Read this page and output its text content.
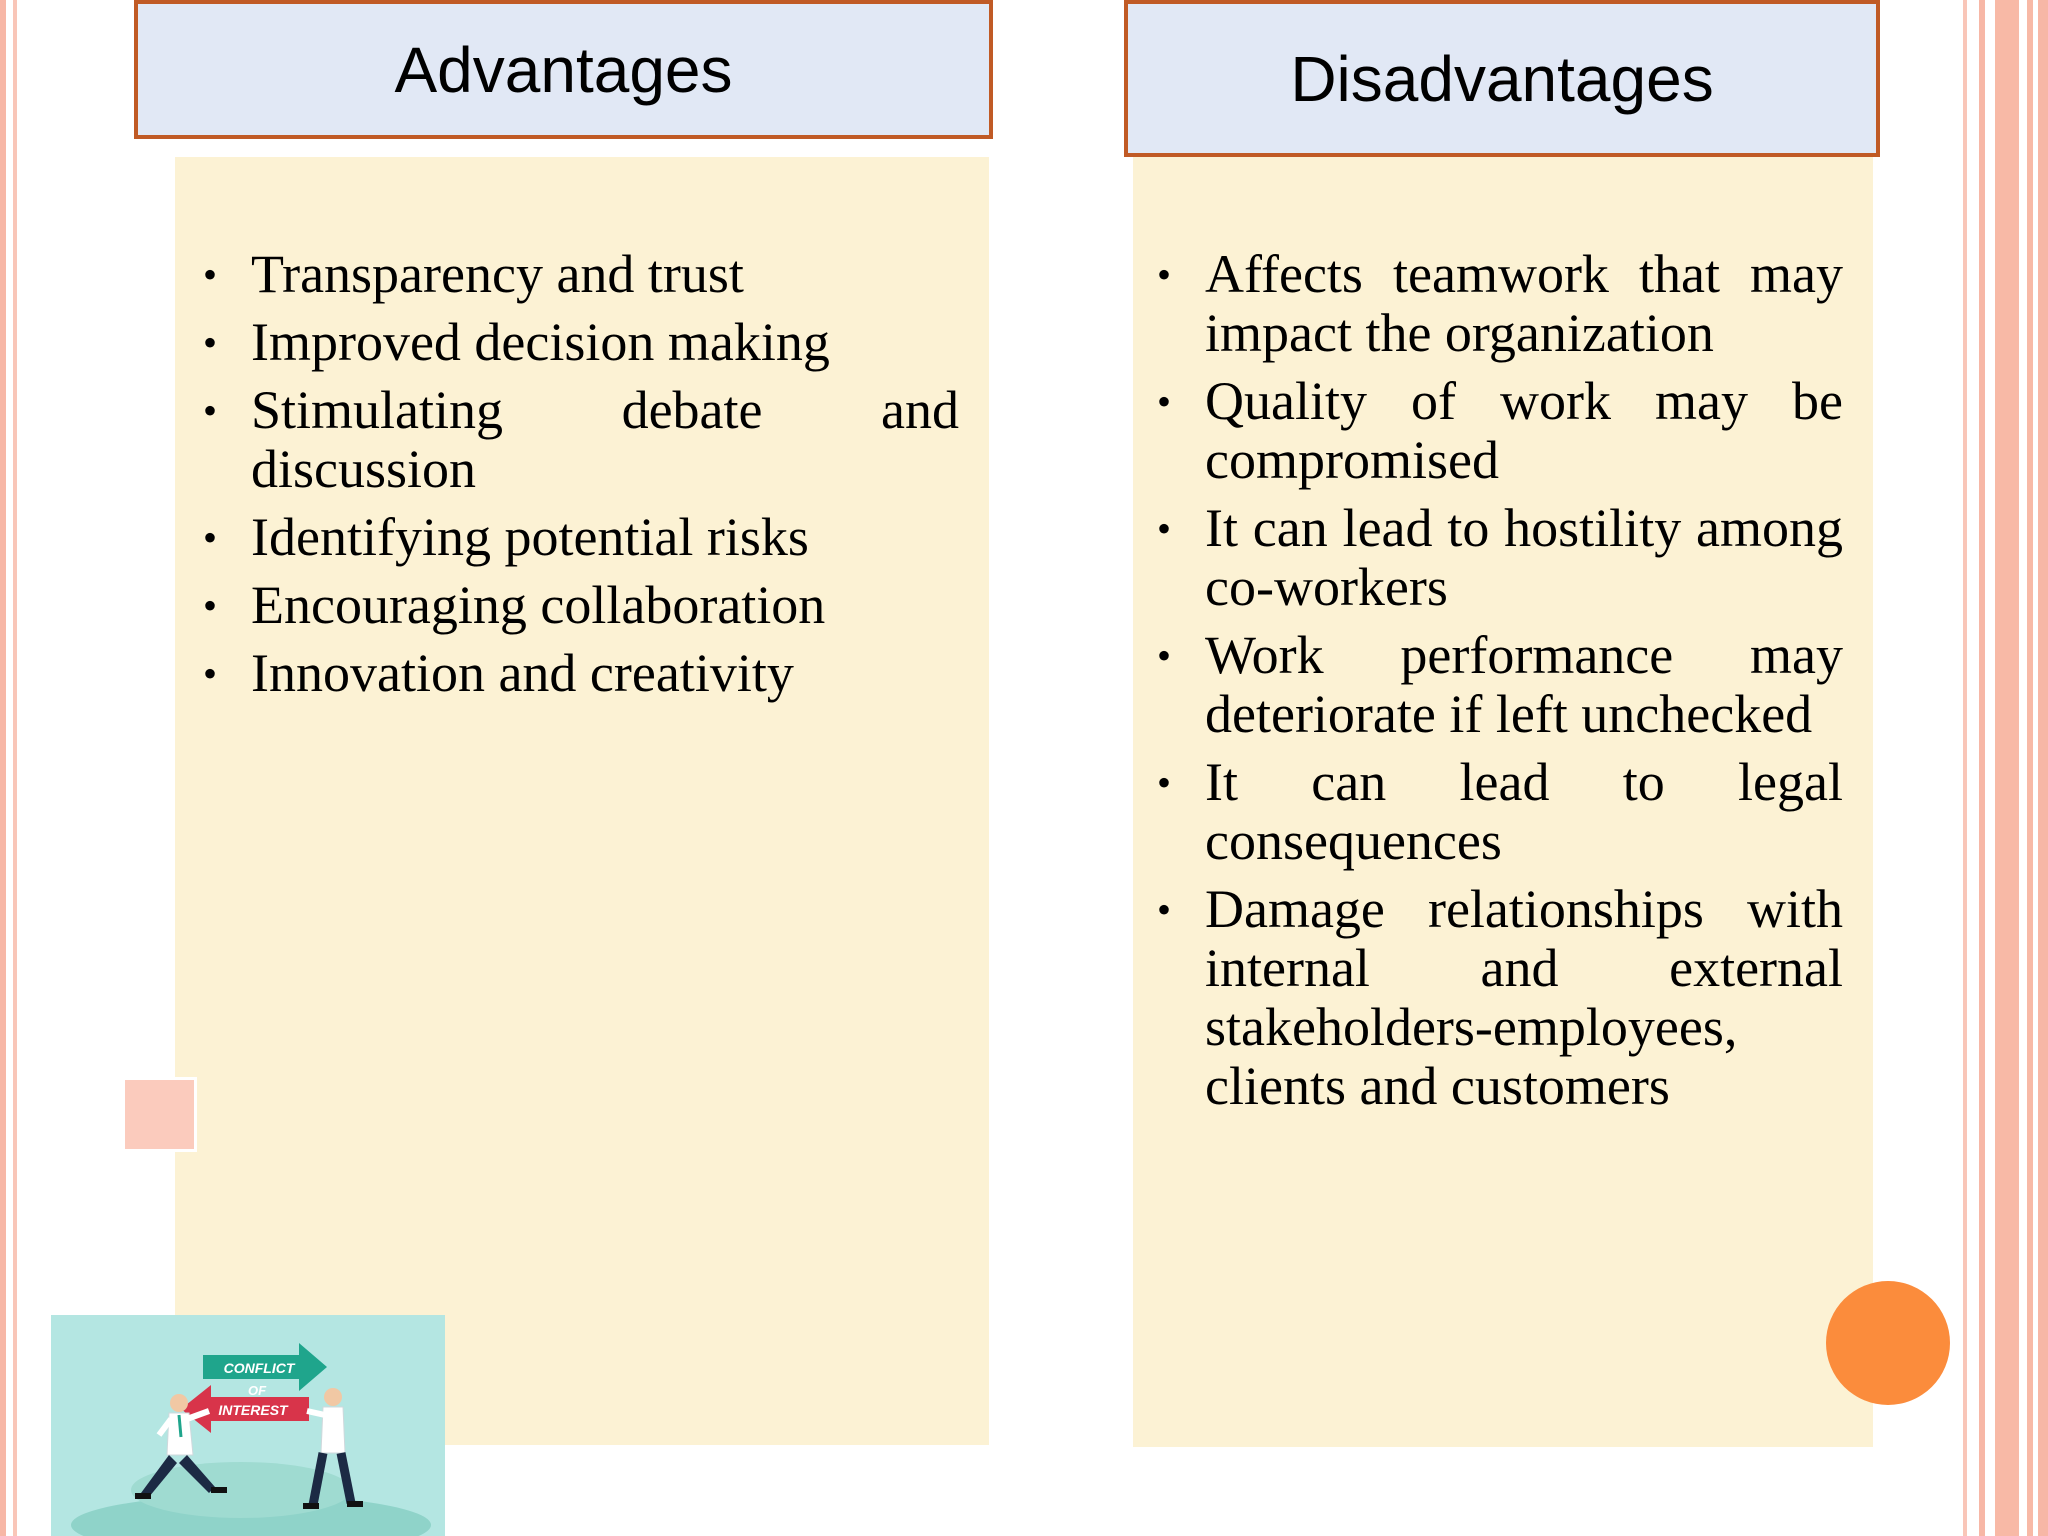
• Transparency and trust
• Improved decision making
• Stimulating debate and discussion
• Identifying potential risks
• Encouraging collaboration
• Innovation and creativity
Advantages
• Affects teamwork that may impact the organization
• Quality of work may be compromised
• It can lead to hostility among co-workers
• Work performance may deteriorate if left unchecked
• It can lead to legal consequences
• Damage relationships with internal and external stakeholders-employees, clients and customers
Disadvantages
CONFLICT
OF
INTEREST
